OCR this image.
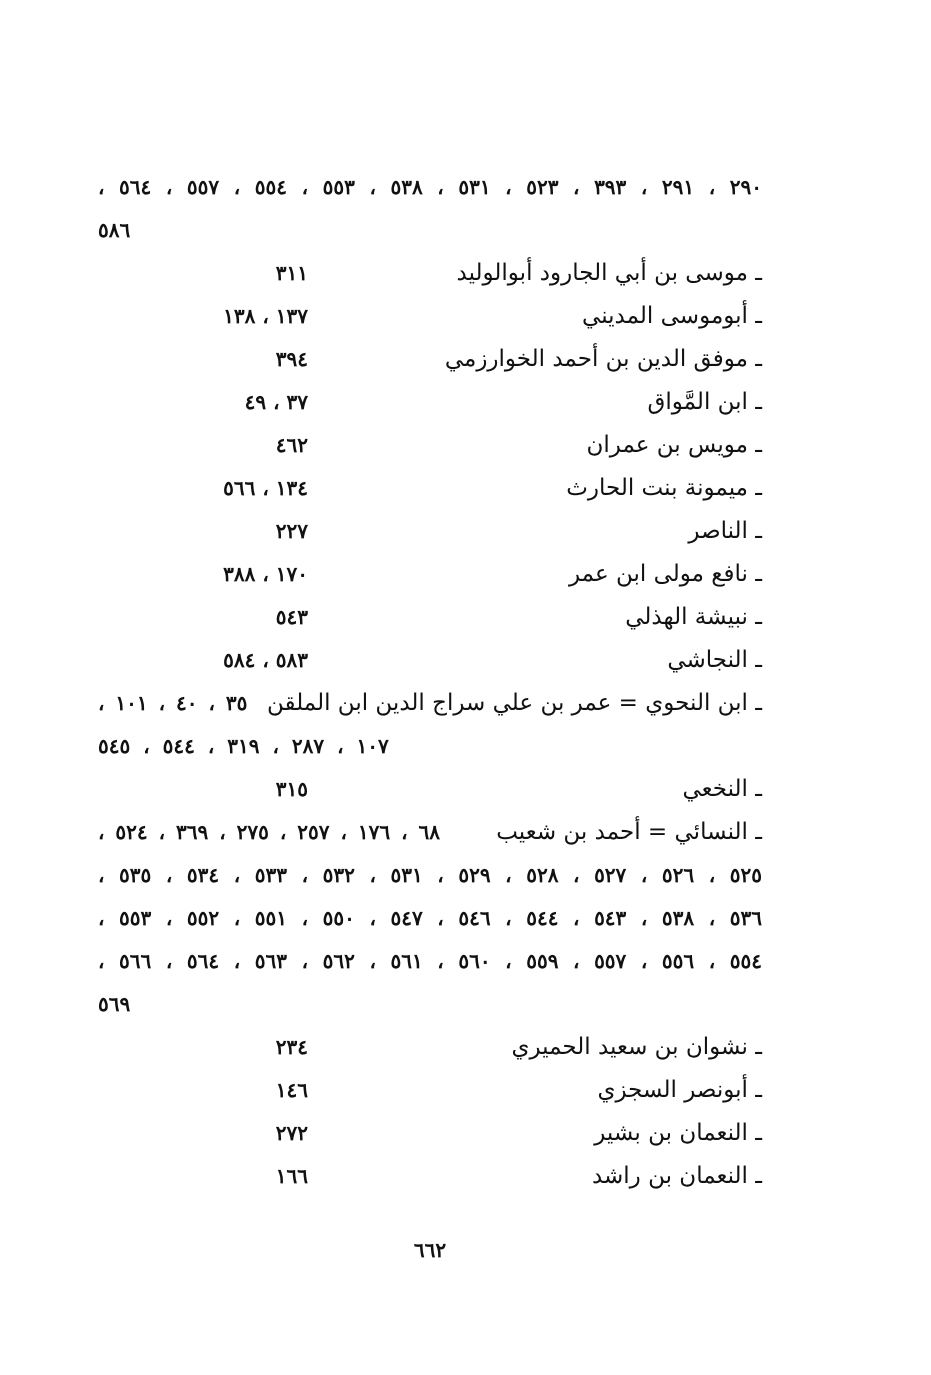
٢٩٠ ، ٢٩١ ، ٣٩٣ ، ٥٢٣ ، ٥٣١ ، ٥٣٨ ، ٥٥٣ ، ٥٥٤ ، ٥٥٧ ، ٥٦٤ ،
٥٨٦
ـ موسى بن أبي الجارود أبوالوليد
٣١١
ـ أبوموسى المديني
١٣٧ ، ١٣٨
ـ موفق الدين بن أحمد الخوارزمي
٣٩٤
ـ ابن المَّواق
٣٧ ، ٤٩
ـ مويس بن عمران
٤٦٢
ـ ميمونة بنت الحارث
١٣٤ ، ٥٦٦
ـ الناصر
٢٢٧
ـ نافع مولى ابن عمر
١٧٠ ، ٣٨٨
ـ نبيشة الهذلي
٥٤٣
ـ النجاشي
٥٨٣ ، ٥٨٤
ـ ابن النحوي = عمر بن علي سراج الدين ابن الملقن
٣٥ ، ٤٠ ، ١٠١ ،
١٠٧ ، ٢٨٧ ، ٣١٩ ، ٥٤٤ ، ٥٤٥
ـ النخعي
٣١٥
ـ النسائي = أحمد بن شعيب
٦٨ ، ١٧٦ ، ٢٥٧ ، ٢٧٥ ، ٣٦٩ ، ٥٢٤ ،
٥٢٥ ، ٥٢٦ ، ٥٢٧ ، ٥٢٨ ، ٥٢٩ ، ٥٣١ ، ٥٣٢ ، ٥٣٣ ، ٥٣٤ ، ٥٣٥ ،
٥٣٦ ، ٥٣٨ ، ٥٤٣ ، ٥٤٤ ، ٥٤٦ ، ٥٤٧ ، ٥٥٠ ، ٥٥١ ، ٥٥٢ ، ٥٥٣ ،
٥٥٤ ، ٥٥٦ ، ٥٥٧ ، ٥٥٩ ، ٥٦٠ ، ٥٦١ ، ٥٦٢ ، ٥٦٣ ، ٥٦٤ ، ٥٦٦ ،
٥٦٩
ـ نشوان بن سعيد الحميري
٢٣٤
ـ أبونصر السجزي
١٤٦
ـ النعمان بن بشير
٢٧٢
ـ النعمان بن راشد
١٦٦
٦٦٢
